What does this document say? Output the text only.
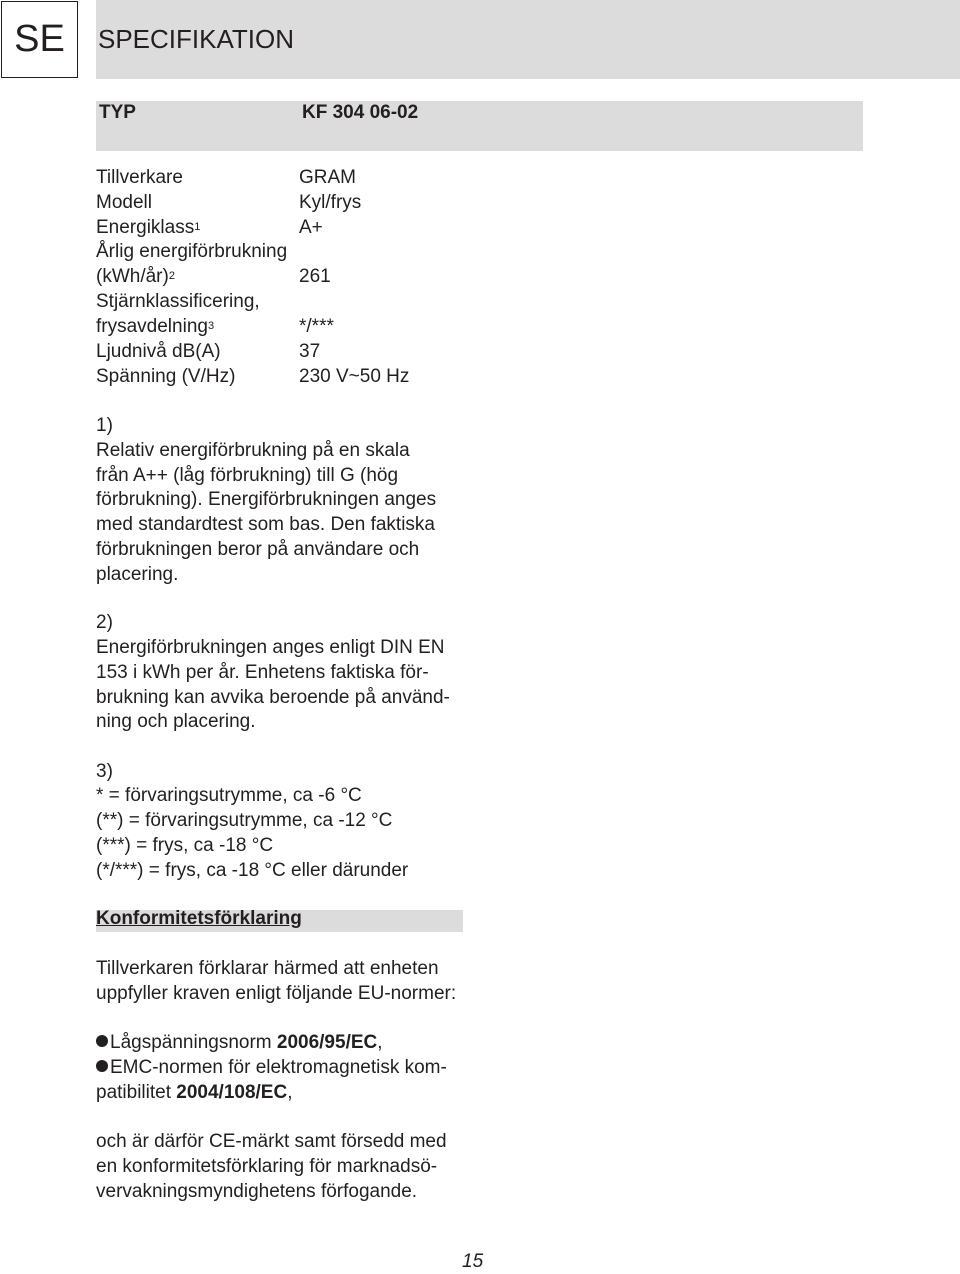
SE	SPECIFIKATION
TYP	KF 304 06-02
Tillverkare	GRAM
Modell	Kyl/frys
Energiklass$^1$	A+
Årlig energiförbrukning
(kWh/år)$^2$	261
Stjärnklassificering,
frysavdelning$^3$	*/***
Ljudnivå dB(A)	37
Spänning (V/Hz)	230 V~50 Hz
1)
Relativ energiförbrukning på en skala
från A++ (låg förbrukning) till G (hög
förbrukning). Energiförbrukningen anges
med standardtest som bas. Den faktiska
förbrukningen beror på användare och
placering.
2)
Energiförbrukningen anges enligt DIN EN
153 i kWh per år. Enhetens faktiska för-
brukning kan avvika beroende på använd-
ning och placering.
3)
* = förvaringsutrymme, ca -6 °C
(**) = förvaringsutrymme, ca -12 °C
(***) = frys, ca -18 °C
(*/***) = frys, ca -18 °C eller därunder
Konformitetsförklaring
Tillverkaren förklarar härmed att enheten
uppfyller kraven enligt följande EU-normer:
Lågspänningsnorm 2006/95/EC,
EMC-normen för elektromagnetisk kom-
patibilitet 2004/108/EC,
och är därför CE-märkt samt försedd med
en konformitetsförklaring för marknadsö-
vervakningsmyndighetens förfogande.
15
